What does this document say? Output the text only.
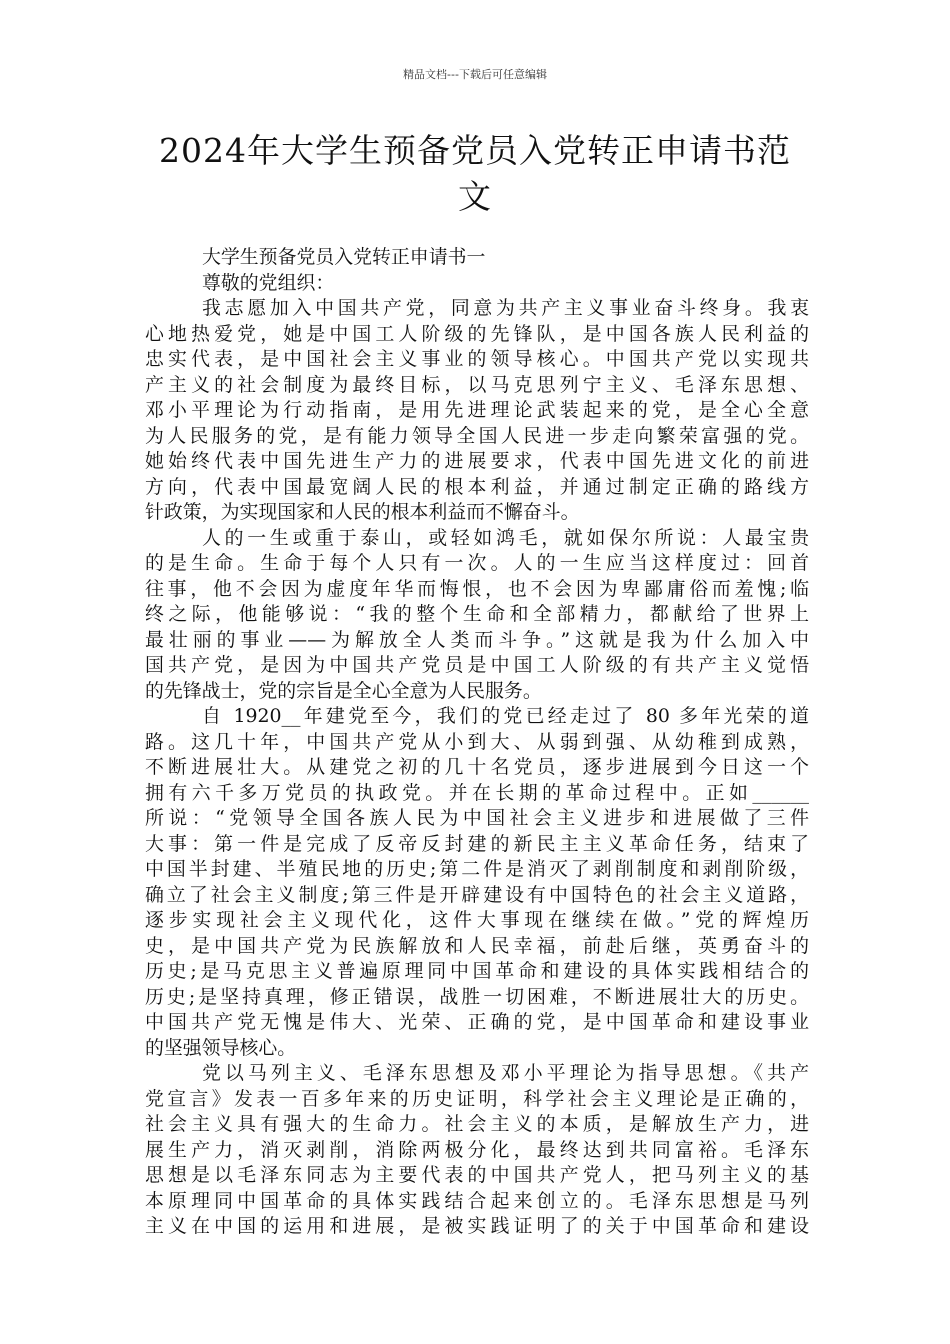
精品文档---下载后可任意编辑
2024年大学生预备党员入党转正申请书范
文
大学生预备党员入党转正申请书一
尊敬的党组织：
我志愿加入中国共产党，同意为共产主义事业奋斗终身。我衷
心地热爱党，她是中国工人阶级的先锋队，是中国各族人民利益的
忠实代表，是中国社会主义事业的领导核心。中国共产党以实现共
产主义的社会制度为最终目标，以马克思列宁主义、毛泽东思想、
邓小平理论为行动指南，是用先进理论武装起来的党，是全心全意
为人民服务的党，是有能力领导全国人民进一步走向繁荣富强的党。
她始终代表中国先进生产力的进展要求，代表中国先进文化的前进
方向，代表中国最宽阔人民的根本利益，并通过制定正确的路线方
针政策，为实现国家和人民的根本利益而不懈奋斗。
人的一生或重于泰山，或轻如鸿毛，就如保尔所说：人最宝贵
的是生命。生命于每个人只有一次。人的一生应当这样度过：回首
往事，他不会因为虚度年华而悔恨，也不会因为卑鄙庸俗而羞愧;临
终之际，他能够说：“我的整个生命和全部精力，都献给了世界上
最壮丽的事业——为解放全人类而斗争。”这就是我为什么加入中
国共产党，是因为中国共产党员是中国工人阶级的有共产主义觉悟
的先锋战士，党的宗旨是全心全意为人民服务。
自 1920__年建党至今，我们的党已经走过了 80 多年光荣的道
路。这几十年，中国共产党从小到大、从弱到强、从幼稚到成熟，
不断进展壮大。从建党之初的几十名党员，逐步进展到今日这一个
拥有六千多万党员的执政党。并在长期的革命过程中。正如______
所说：“党领导全国各族人民为中国社会主义进步和进展做了三件
大事：第一件是完成了反帝反封建的新民主主义革命任务，结束了
中国半封建、半殖民地的历史;第二件是消灭了剥削制度和剥削阶级，
确立了社会主义制度;第三件是开辟建设有中国特色的社会主义道路，
逐步实现社会主义现代化，这件大事现在继续在做。”党的辉煌历
史，是中国共产党为民族解放和人民幸福，前赴后继，英勇奋斗的
历史;是马克思主义普遍原理同中国革命和建设的具体实践相结合的
历史;是坚持真理，修正错误，战胜一切困难，不断进展壮大的历史。
中国共产党无愧是伟大、光荣、正确的党，是中国革命和建设事业
的坚强领导核心。
党以马列主义、毛泽东思想及邓小平理论为指导思想。《共产
党宣言》发表一百多年来的历史证明，科学社会主义理论是正确的，
社会主义具有强大的生命力。社会主义的本质，是解放生产力，进
展生产力，消灭剥削，消除两极分化，最终达到共同富裕。毛泽东
思想是以毛泽东同志为主要代表的中国共产党人，把马列主义的基
本原理同中国革命的具体实践结合起来创立的。毛泽东思想是马列
主义在中国的运用和进展，是被实践证明了的关于中国革命和建设
